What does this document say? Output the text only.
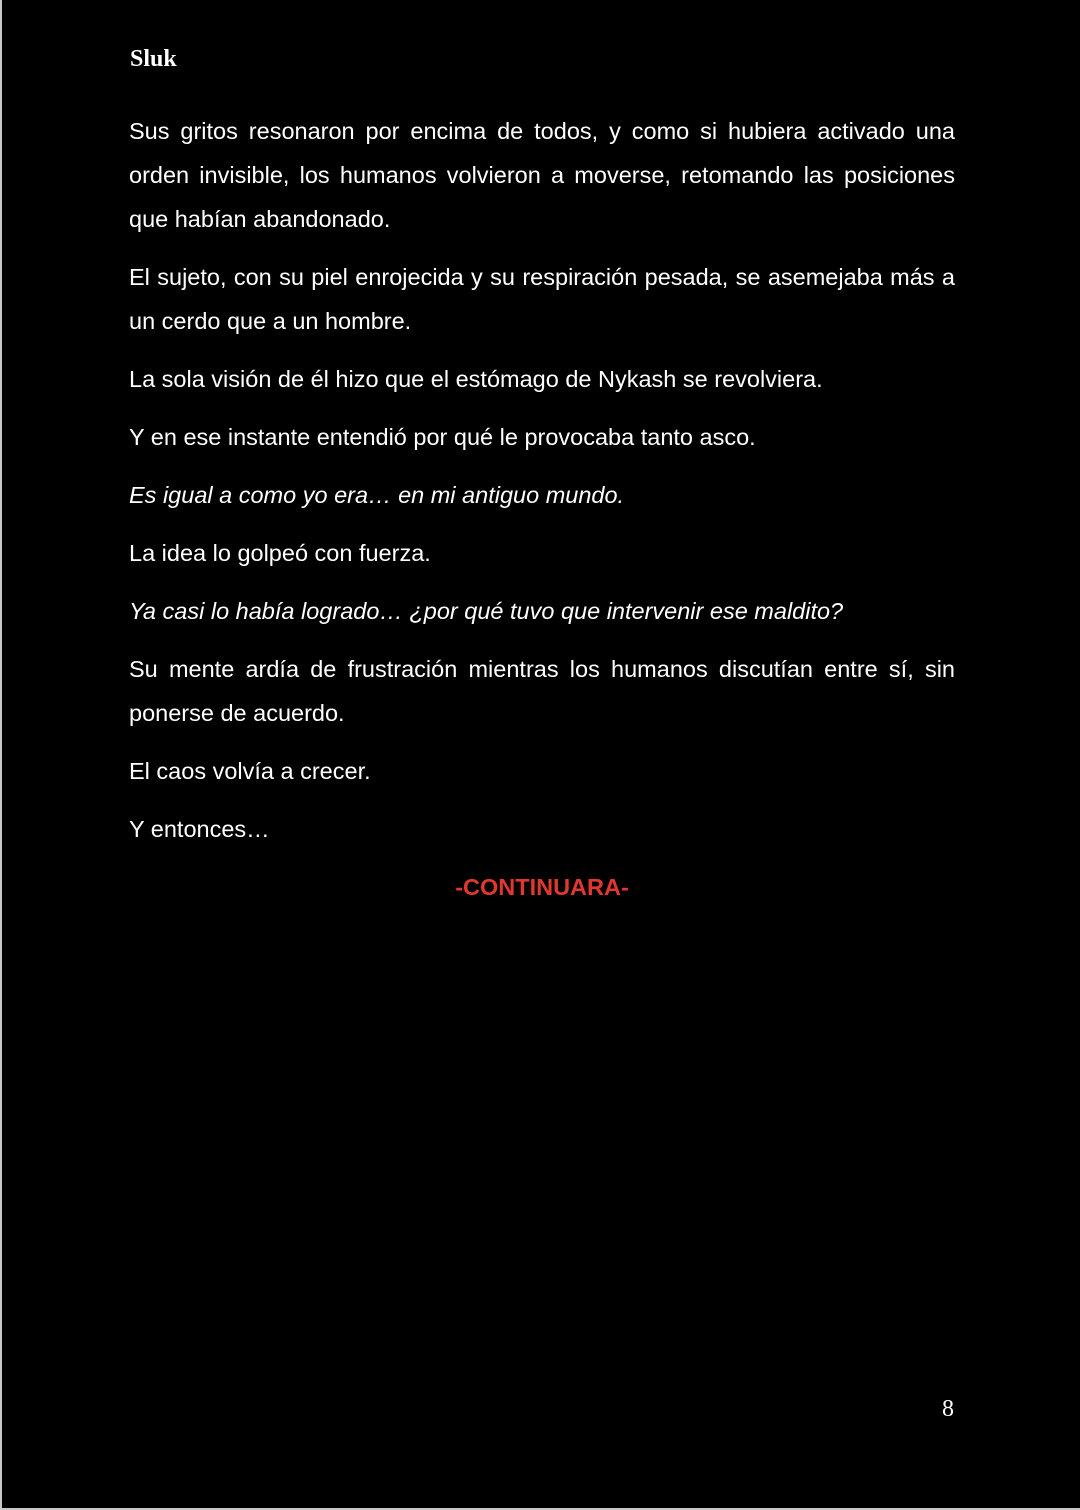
Sluk

Sus gritos resonaron por encima de todos, y como si hubiera activado una orden invisible, los humanos volvieron a moverse, retomando las posiciones que habían abandonado.

El sujeto, con su piel enrojecida y su respiración pesada, se asemejaba más a un cerdo que a un hombre.

La sola visión de él hizo que el estómago de Nykash se revolviera.

Y en ese instante entendió por qué le provocaba tanto asco.

Es igual a como yo era… en mi antiguo mundo.

La idea lo golpeó con fuerza.

Ya casi lo había logrado… ¿por qué tuvo que intervenir ese maldito?

Su mente ardía de frustración mientras los humanos discutían entre sí, sin ponerse de acuerdo.

El caos volvía a crecer.

Y entonces…

-CONTINUARA-

8
